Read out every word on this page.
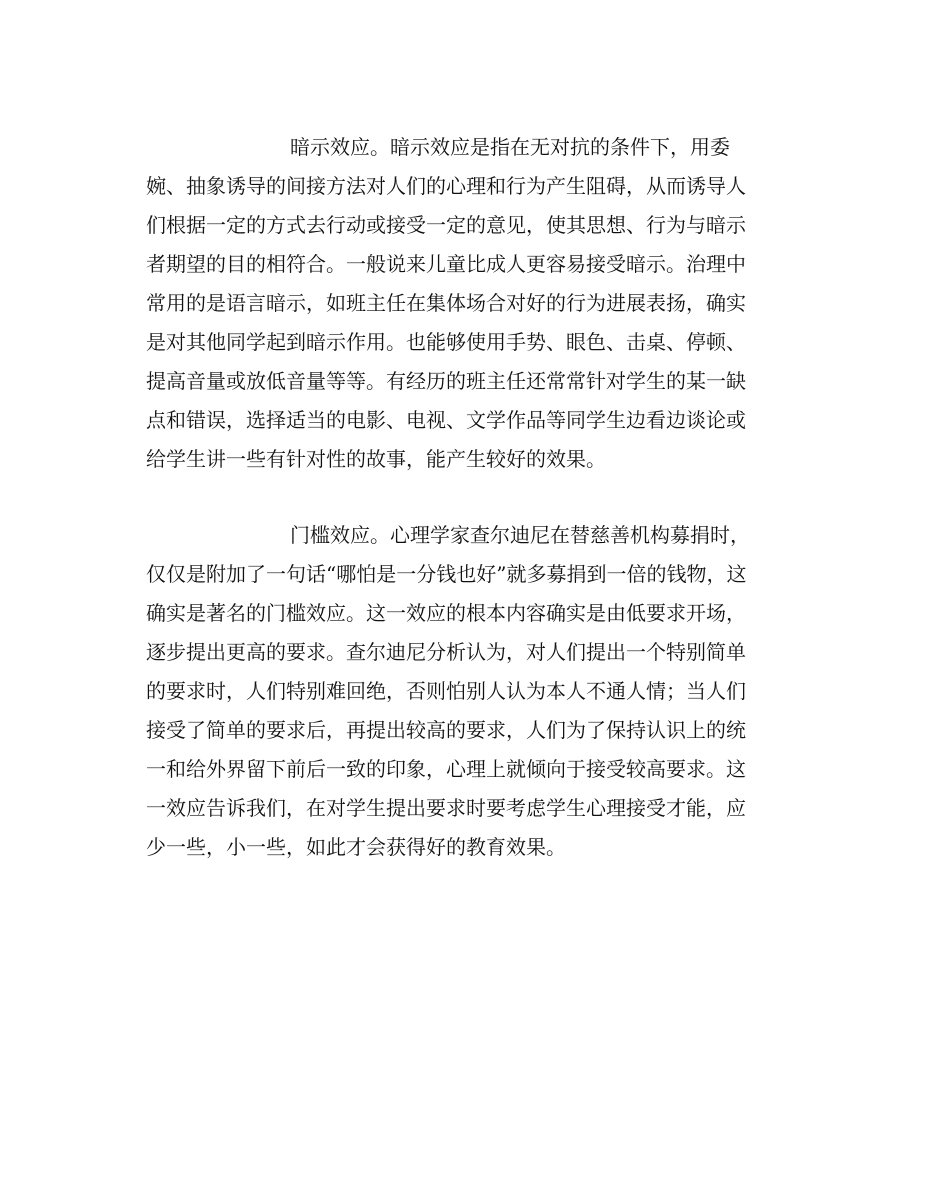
暗示效应。暗示效应是指在无对抗的条件下，用委
婉、抽象诱导的间接方法对人们的心理和行为产生阻碍，从而诱导人
们根据一定的方式去行动或接受一定的意见，使其思想、行为与暗示
者期望的目的相符合。一般说来儿童比成人更容易接受暗示。治理中
常用的是语言暗示，如班主任在集体场合对好的行为进展表扬，确实
是对其他同学起到暗示作用。也能够使用手势、眼色、击桌、停顿、
提高音量或放低音量等等。有经历的班主任还常常针对学生的某一缺
点和错误，选择适当的电影、电视、文学作品等同学生边看边谈论或
给学生讲一些有针对性的故事，能产生较好的效果。

门槛效应。心理学家查尔迪尼在替慈善机构募捐时，
仅仅是附加了一句话“哪怕是一分钱也好”就多募捐到一倍的钱物，这
确实是著名的门槛效应。这一效应的根本内容确实是由低要求开场，
逐步提出更高的要求。查尔迪尼分析认为，对人们提出一个特别简单
的要求时，人们特别难回绝，否则怕别人认为本人不通人情；当人们
接受了简单的要求后，再提出较高的要求，人们为了保持认识上的统
一和给外界留下前后一致的印象，心理上就倾向于接受较高要求。这
一效应告诉我们，在对学生提出要求时要考虑学生心理接受才能，应
少一些，小一些，如此才会获得好的教育效果。
